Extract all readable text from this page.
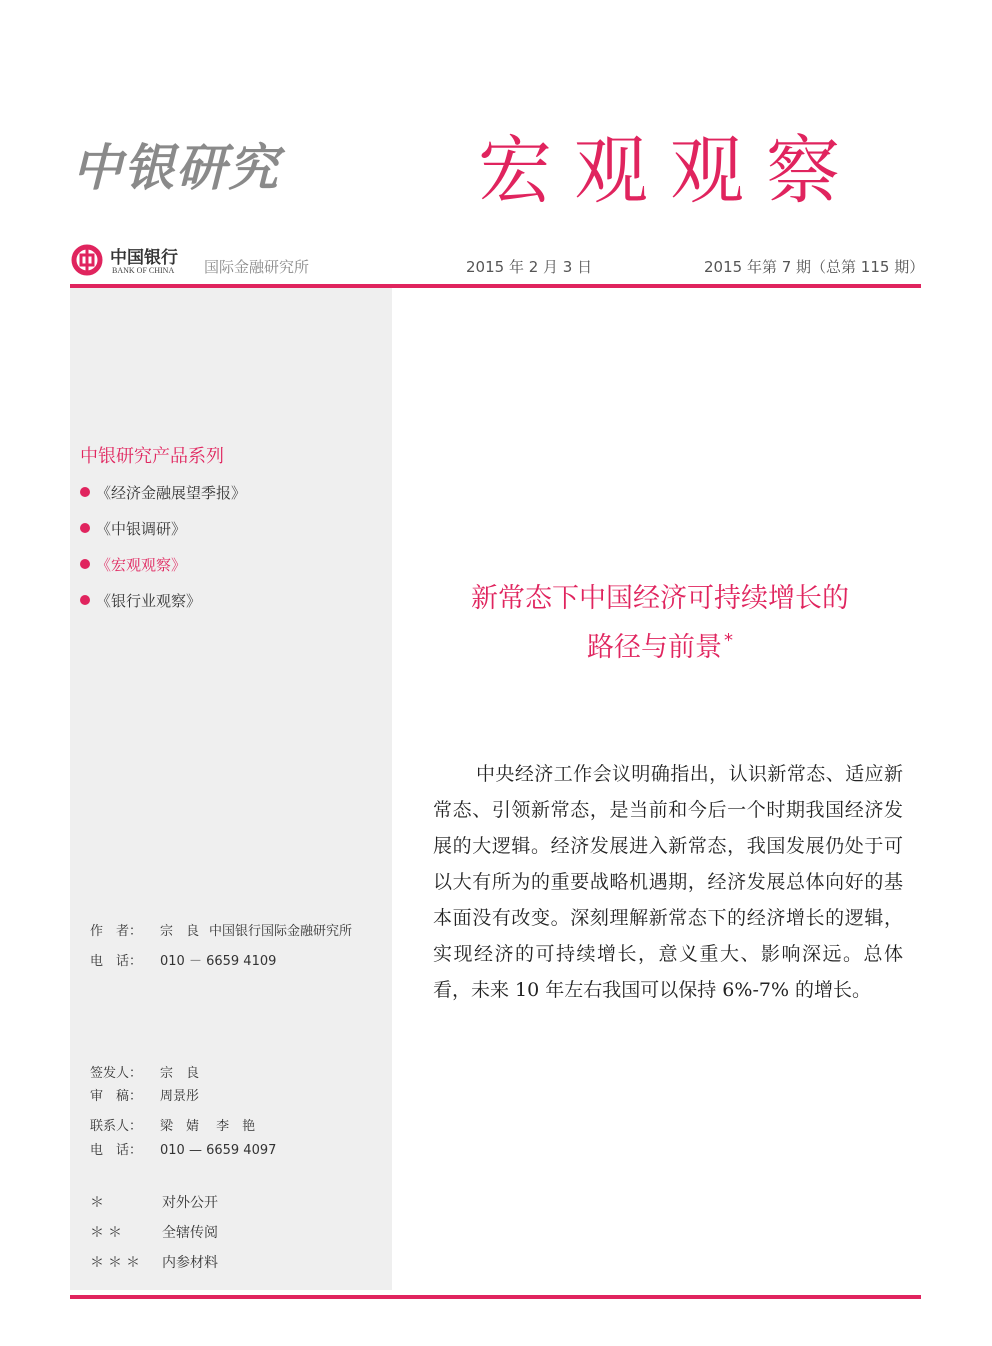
中银研究	宏观观察
中国银行
BANK OF CHINA 国际金融研究所	2015 年 2 月 3 日	2015 年第 7 期（总第 115 期）
中银研究产品系列
《经济金融展望季报》
《中银调研》
《宏观观察》
《银行业观察》
作　者： 宗　良 中国银行国际金融研究所
电　话： 010 － 6659 4109
签发人： 宗　良
审　稿： 周景彤
联系人： 梁　婧　 李　艳
电　话： 010 — 6659 4097
＊	对外公开
＊＊	全辖传阅
＊＊＊ 内参材料
新常态下中国经济可持续增长的
路径与前景 *

中央经济工作会议明确指出，认识新常态、适应新常态、引领新常态，是当前和今后一个时期我国经济发展的大逻辑。经济发展进入新常态，我国发展仍处于可以大有所为的重要战略机遇期，经济发展总体向好的基本面没有改变。深刻理解新常态下的经济增长的逻辑，实现经济的可持续增长，意义重大、影响深远。总体看，未来 10 年左右我国可以保持 6%-7% 的增长。
